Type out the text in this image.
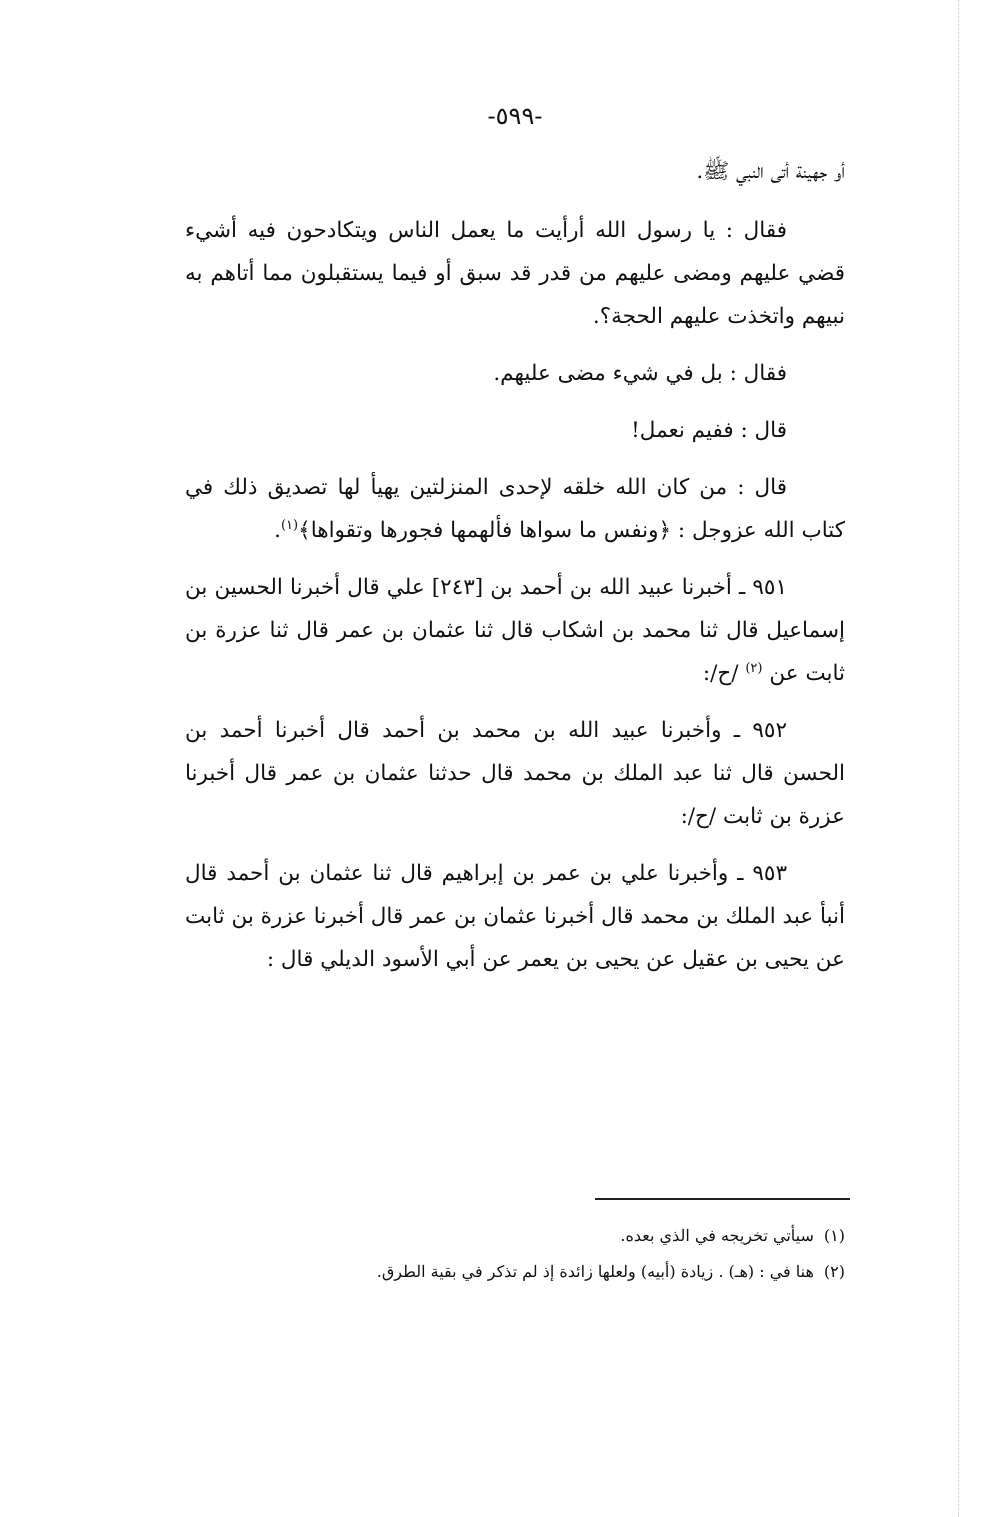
-٥٩٩-

أو جهينة أتى النبي ﷺ.

فقال : يا رسول الله أرأيت ما يعمل الناس ويتكادحون فيه أشيء قضي عليهم ومضى عليهم من قدر قد سبق أو فيما يستقبلون مما أتاهم به نبيهم واتخذت عليهم الحجة؟.

فقال : بل في شيء مضى عليهم.

قال : ففيم نعمل!

قال : من كان الله خلقه لإحدى المنزلتين يهيأ لها تصديق ذلك في كتاب الله عزوجل : ﴿ونفس ما سواها فألهمها فجورها وتقواها﴾$^{(١)}$.

٩٥١ ـ أخبرنا عبيد الله بن أحمد بن [٢٤٣] علي قال أخبرنا الحسين بن إسماعيل قال ثنا محمد بن اشكاب قال ثنا عثمان بن عمر قال ثنا عزرة بن ثابت عن $^{(٢)}$ /ح/:

٩٥٢ ـ وأخبرنا عبيد الله بن محمد بن أحمد قال أخبرنا أحمد بن الحسن قال ثنا عبد الملك بن محمد قال حدثنا عثمان بن عمر قال أخبرنا عزرة بن ثابت /ح/:

٩٥٣ ـ وأخبرنا علي بن عمر بن إبراهيم قال ثنا عثمان بن أحمد قال أنبأ عبد الملك بن محمد قال أخبرنا عثمان بن عمر قال أخبرنا عزرة بن ثابت عن يحيى بن عقيل عن يحيى بن يعمر عن أبي الأسود الديلي قال :

(١)سيأتي تخريجه في الذي بعده.

(٢)هنا في : (هـ) . زيادة (أبيه) ولعلها زائدة إذ لم تذكر في بقية الطرق.
